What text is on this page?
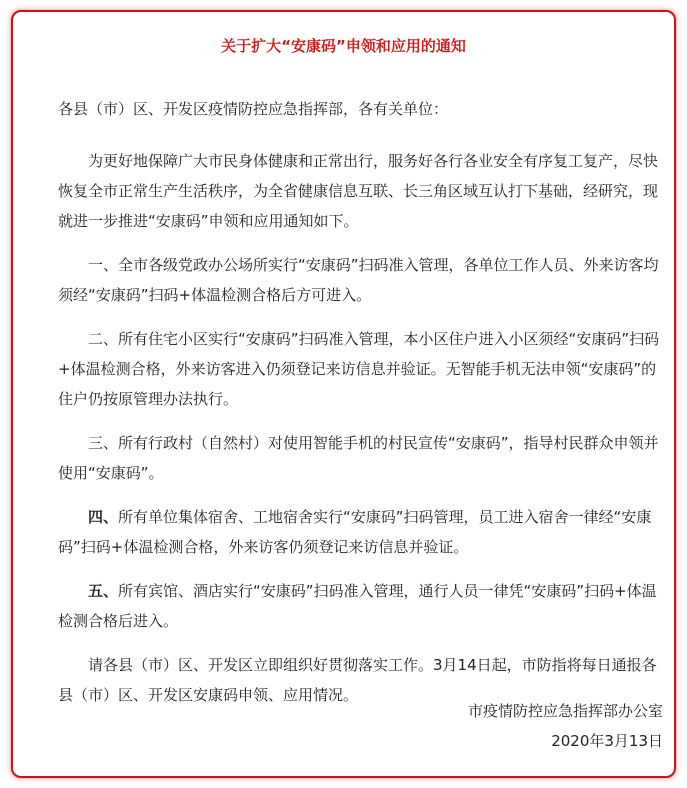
关于扩大“安康码”申领和应用的通知

各县（市）区、开发区疫情防控应急指挥部，各有关单位：

为更好地保障广大市民身体健康和正常出行，服务好各行各业安全有序复工复产，尽快恢复全市正常生产生活秩序，为全省健康信息互联、长三角区域互认打下基础，经研究，现就进一步推进“安康码”申领和应用通知如下。

一、全市各级党政办公场所实行“安康码”扫码准入管理，各单位工作人员、外来访客均须经“安康码”扫码+体温检测合格后方可进入。

二、所有住宅小区实行“安康码”扫码准入管理，本小区住户进入小区须经“安康码”扫码+体温检测合格，外来访客进入仍须登记来访信息并验证。无智能手机无法申领“安康码”的住户仍按原管理办法执行。

三、所有行政村（自然村）对使用智能手机的村民宣传“安康码”，指导村民群众申领并使用“安康码”。

四、所有单位集体宿舍、工地宿舍实行“安康码”扫码管理，员工进入宿舍一律经“安康码”扫码+体温检测合格，外来访客仍须登记来访信息并验证。

五、所有宾馆、酒店实行“安康码”扫码准入管理，通行人员一律凭“安康码”扫码+体温检测合格后进入。

请各县（市）区、开发区立即组织好贯彻落实工作。3月14日起，市防指将每日通报各县（市）区、开发区安康码申领、应用情况。

市疫情防控应急指挥部办公室

2020年3月13日
